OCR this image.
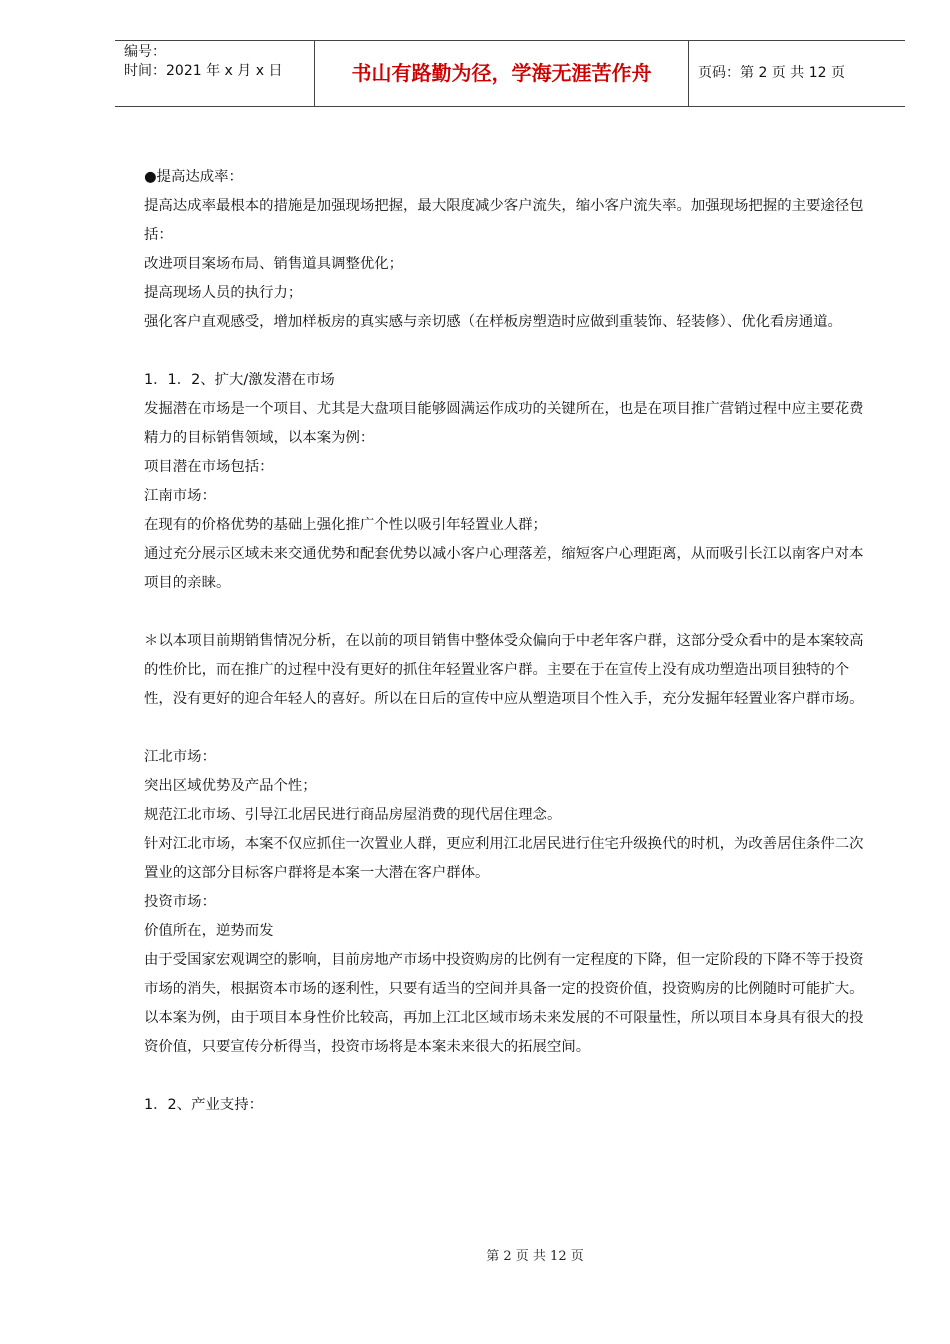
编号：
时间：2021 年 x 月 x 日	书山有路勤为径，学海无涯苦作舟	页码：第 2 页 共 12 页

●提高达成率：

提高达成率最根本的措施是加强现场把握，最大限度减少客户流失，缩小客户流失率。加强现场把握的主要途径包括：

改进项目案场布局、销售道具调整优化；

提高现场人员的执行力；

强化客户直观感受，增加样板房的真实感与亲切感（在样板房塑造时应做到重装饰、轻装修）、优化看房通道。

1．1．2、扩大/激发潜在市场

发掘潜在市场是一个项目、尤其是大盘项目能够圆满运作成功的关键所在，也是在项目推广营销过程中应主要花费精力的目标销售领域，以本案为例：

项目潜在市场包括：

江南市场：

在现有的价格优势的基础上强化推广个性以吸引年轻置业人群；

通过充分展示区域未来交通优势和配套优势以减小客户心理落差，缩短客户心理距离，从而吸引长江以南客户对本项目的亲睐。

＊以本项目前期销售情况分析，在以前的项目销售中整体受众偏向于中老年客户群，这部分受众看中的是本案较高的性价比，而在推广的过程中没有更好的抓住年轻置业客户群。主要在于在宣传上没有成功塑造出项目独特的个性，没有更好的迎合年轻人的喜好。所以在日后的宣传中应从塑造项目个性入手，充分发掘年轻置业客户群市场。

江北市场：

突出区域优势及产品个性；

规范江北市场、引导江北居民进行商品房屋消费的现代居住理念。

针对江北市场，本案不仅应抓住一次置业人群，更应利用江北居民进行住宅升级换代的时机，为改善居住条件二次置业的这部分目标客户群将是本案一大潜在客户群体。

投资市场：

价值所在，逆势而发

由于受国家宏观调空的影响，目前房地产市场中投资购房的比例有一定程度的下降，但一定阶段的下降不等于投资市场的消失，根据资本市场的逐利性，只要有适当的空间并具备一定的投资价值，投资购房的比例随时可能扩大。

以本案为例，由于项目本身性价比较高，再加上江北区域市场未来发展的不可限量性，所以项目本身具有很大的投资价值，只要宣传分析得当，投资市场将是本案未来很大的拓展空间。

1．2、产业支持：

第 2 页 共 12 页
